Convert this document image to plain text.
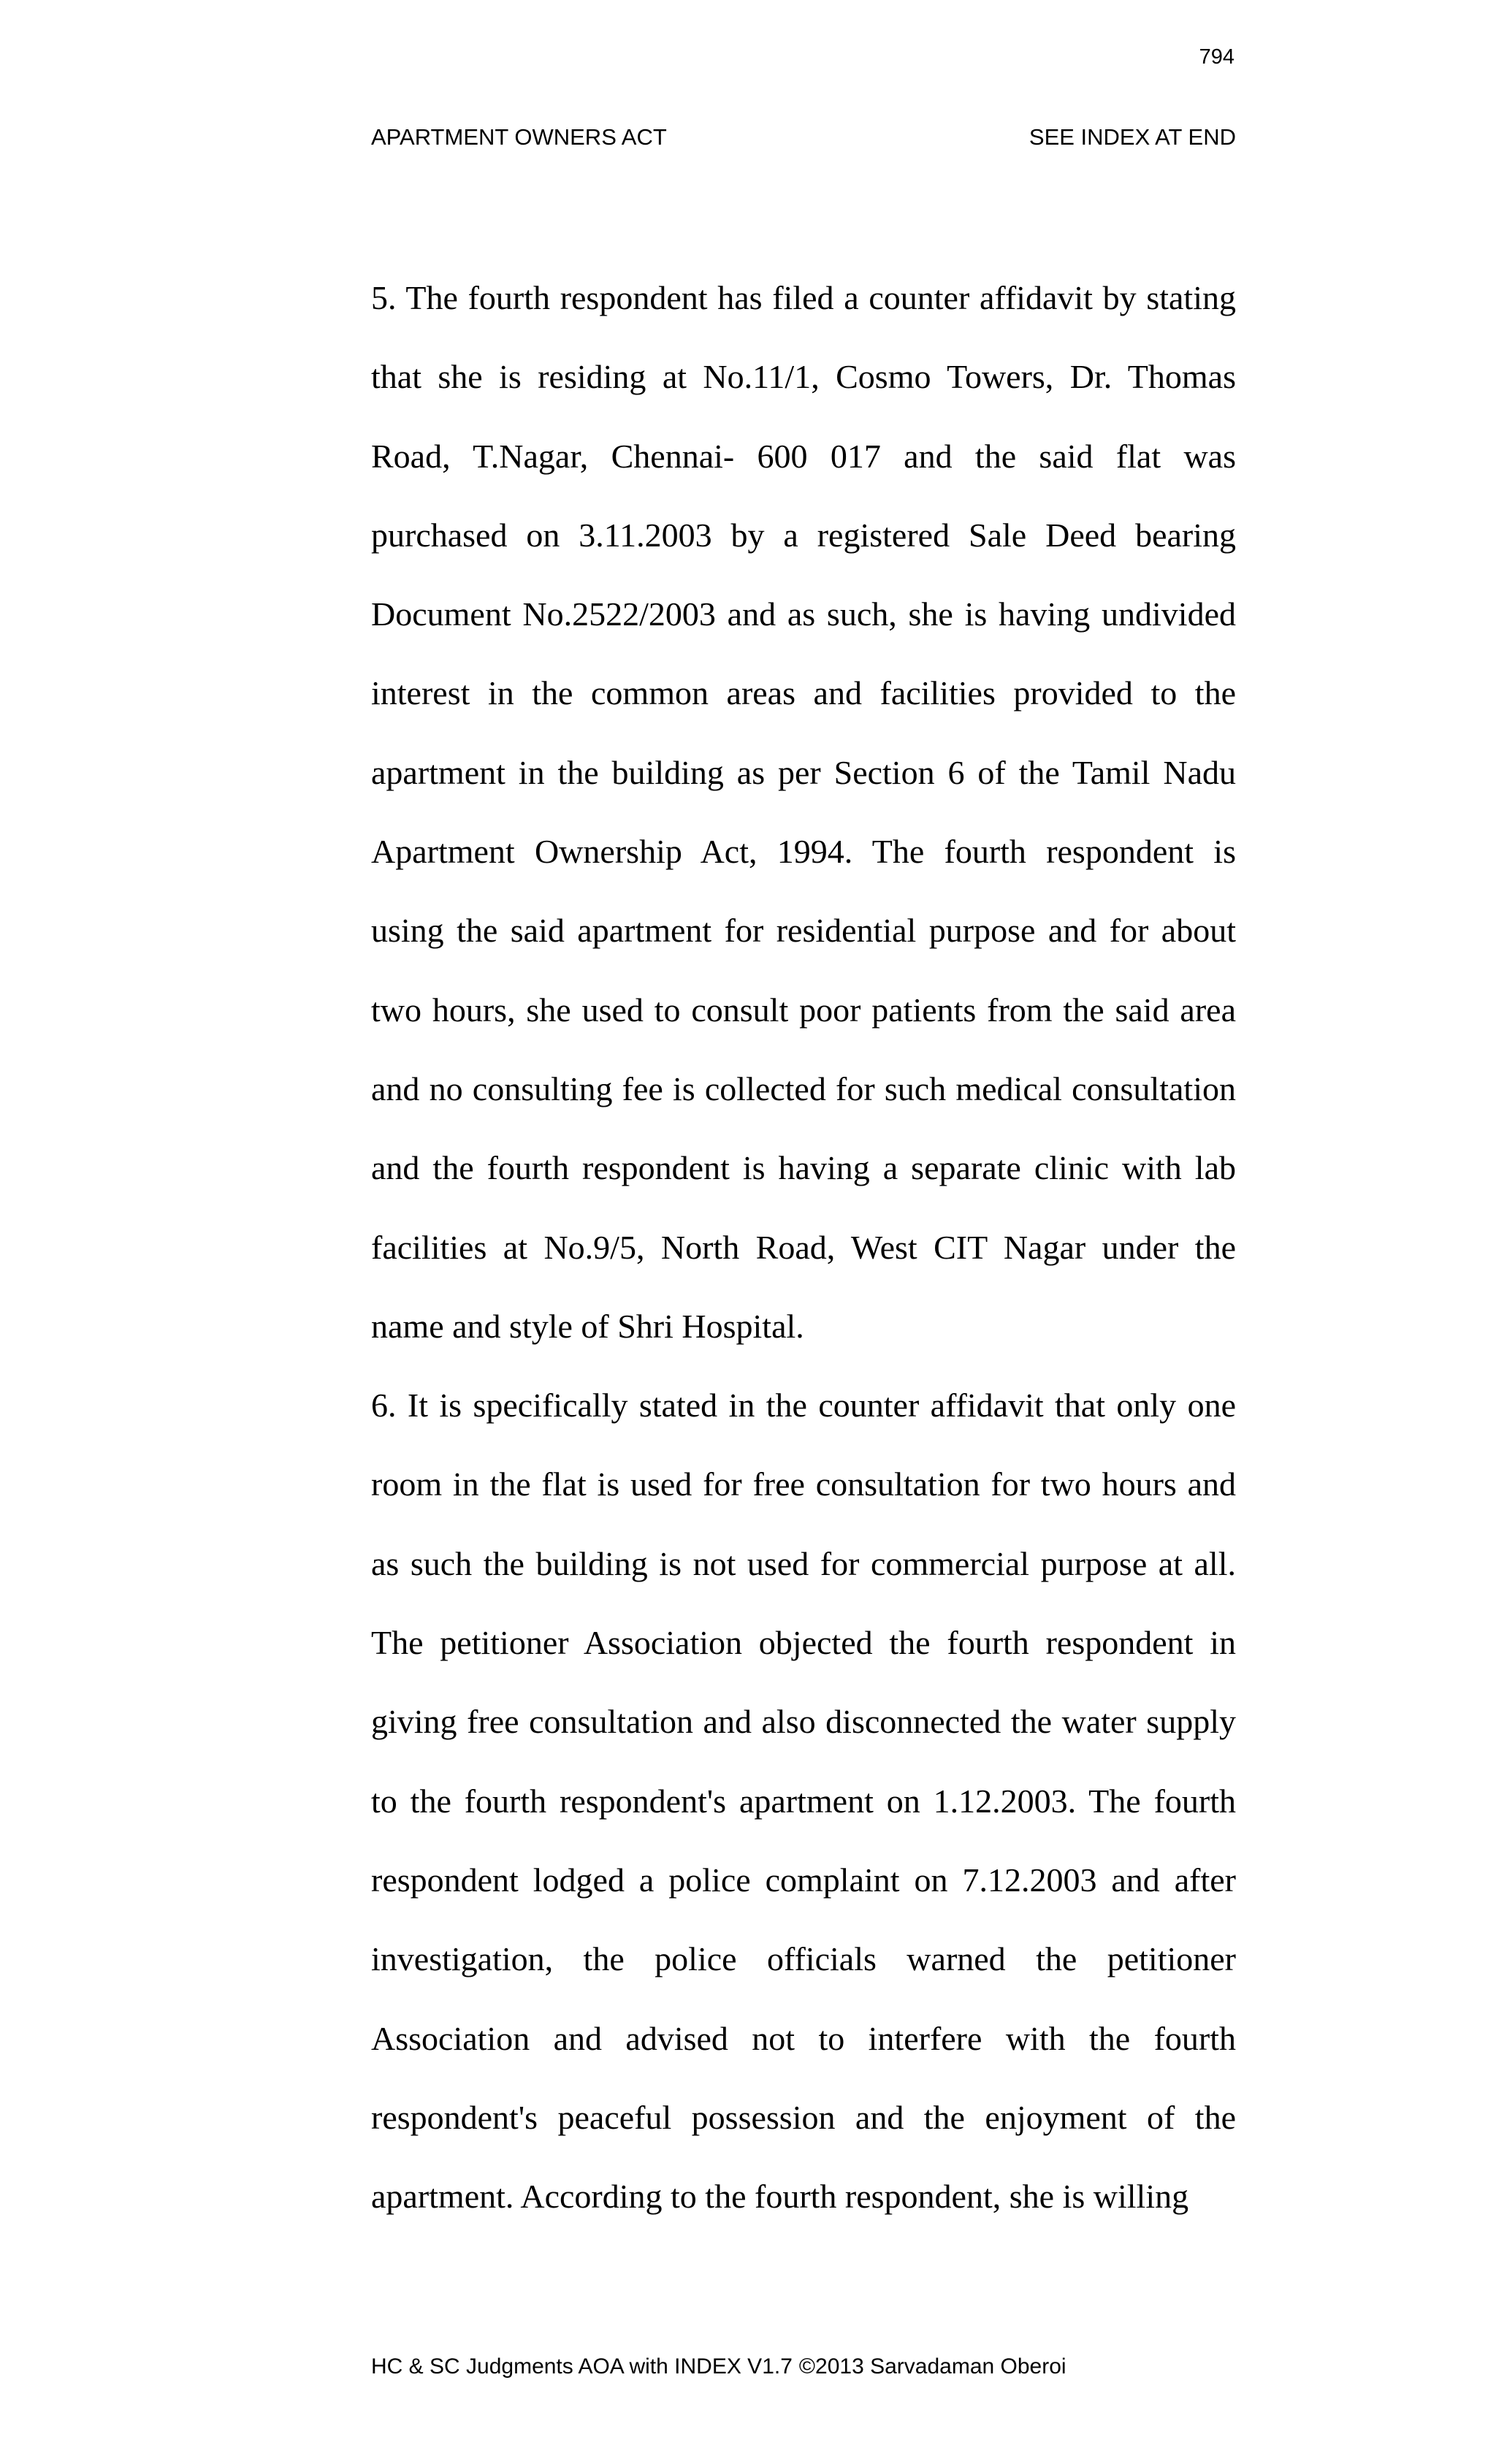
794
APARTMENT OWNERS ACT	SEE INDEX AT END

5. The fourth respondent has filed a counter affidavit by stating that she is residing at No.11/1, Cosmo Towers, Dr. Thomas Road, T.Nagar, Chennai- 600 017 and the said flat was purchased on 3.11.2003 by a registered Sale Deed bearing Document No.2522/2003 and as such, she is having undivided interest in the common areas and facilities provided to the apartment in the building as per Section 6 of the Tamil Nadu Apartment Ownership Act, 1994. The fourth respondent is using the said apartment for residential purpose and for about two hours, she used to consult poor patients from the said area and no consulting fee is collected for such medical consultation and the fourth respondent is having a separate clinic with lab facilities at No.9/5, North Road, West CIT Nagar under the name and style of Shri Hospital.

6. It is specifically stated in the counter affidavit that only one room in the flat is used for free consultation for two hours and as such the building is not used for commercial purpose at all. The petitioner Association objected the fourth respondent in giving free consultation and also disconnected the water supply to the fourth respondent's apartment on 1.12.2003. The fourth respondent lodged a police complaint on 7.12.2003 and after investigation, the police officials warned the petitioner Association and advised not to interfere with the fourth respondent's peaceful possession and the enjoyment of the apartment. According to the fourth respondent, she is willing

HC & SC Judgments AOA with INDEX V1.7 ©2013 Sarvadaman Oberoi
